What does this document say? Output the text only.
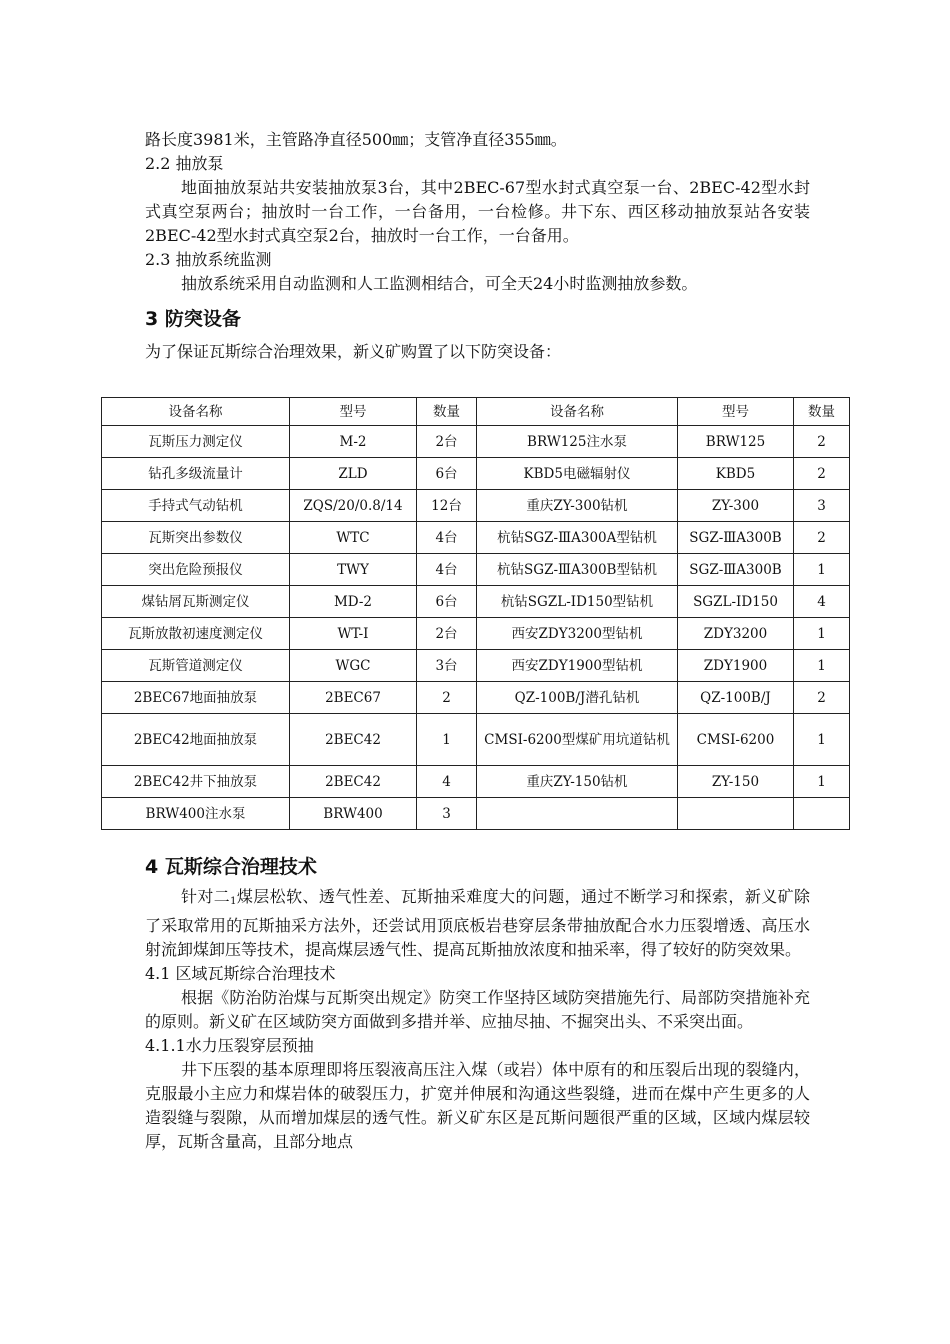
路长度3981米，主管路净直径500㎜；支管净直径355㎜。

2.2 抽放泵

地面抽放泵站共安装抽放泵3台，其中2BEC-67型水封式真空泵一台、2BEC-42型水封式真空泵两台；抽放时一台工作，一台备用，一台检修。井下东、西区移动抽放泵站各安装2BEC-42型水封式真空泵2台，抽放时一台工作，一台备用。

2.3 抽放系统监测

抽放系统采用自动监测和人工监测相结合，可全天24小时监测抽放参数。

3 防突设备

为了保证瓦斯综合治理效果，新义矿购置了以下防突设备：

设备名称	型号	数量	设备名称	型号	数量
瓦斯压力测定仪	M-2	2台	BRW125注水泵	BRW125	2
钻孔多级流量计	ZLD	6台	KBD5电磁辐射仪	KBD5	2
手持式气动钻机	ZQS/20/0.8/14	12台	重庆ZY-300钻机	ZY-300	3
瓦斯突出参数仪	WTC	4台	杭钻SGZ-ⅢA300A型钻机	SGZ-ⅢA300B	2
突出危险预报仪	TWY	4台	杭钻SGZ-ⅢA300B型钻机	SGZ-ⅢA300B	1
煤钻屑瓦斯测定仪	MD-2	6台	杭钻SGZL-ID150型钻机	SGZL-ID150	4
瓦斯放散初速度测定仪	WT-I	2台	西安ZDY3200型钻机	ZDY3200	1
瓦斯管道测定仪	WGC	3台	西安ZDY1900型钻机	ZDY1900	1
2BEC67地面抽放泵	2BEC67	2	QZ-100B/J潜孔钻机	QZ-100B/J	2
2BEC42地面抽放泵	2BEC42	1	CMSI-6200型煤矿用坑道钻机	CMSI-6200	1
2BEC42井下抽放泵	2BEC42	4	重庆ZY-150钻机	ZY-150	1
BRW400注水泵	BRW400	3			
4 瓦斯综合治理技术

针对二$_1$煤层松软、透气性差、瓦斯抽采难度大的问题，通过不断学习和探索，新义矿除了采取常用的瓦斯抽采方法外，还尝试用顶底板岩巷穿层条带抽放配合水力压裂增透、高压水射流卸煤卸压等技术，提高煤层透气性、提高瓦斯抽放浓度和抽采率，得了较好的防突效果。

4.1 区域瓦斯综合治理技术

根据《防治防治煤与瓦斯突出规定》防突工作坚持区域防突措施先行、局部防突措施补充的原则。新义矿在区域防突方面做到多措并举、应抽尽抽、不掘突出头、不采突出面。

4.1.1水力压裂穿层预抽

井下压裂的基本原理即将压裂液高压注入煤（或岩）体中原有的和压裂后出现的裂缝内，克服最小主应力和煤岩体的破裂压力，扩宽并伸展和沟通这些裂缝，进而在煤中产生更多的人造裂缝与裂隙，从而增加煤层的透气性。新义矿东区是瓦斯问题很严重的区域，区域内煤层较厚，瓦斯含量高，且部分地点
